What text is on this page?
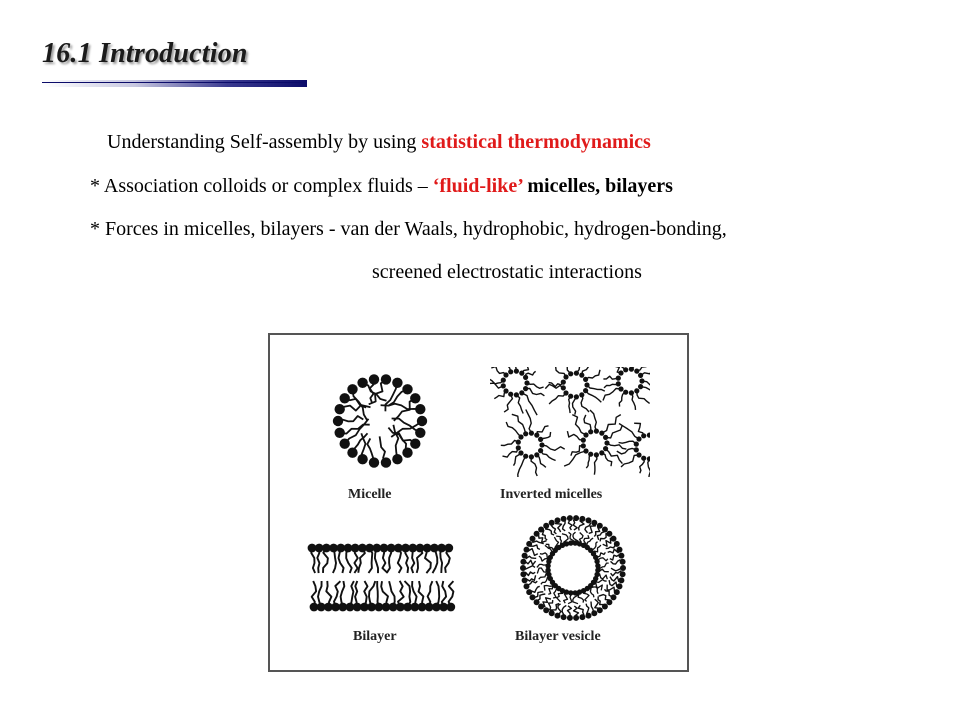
16.1 Introduction
Understanding Self-assembly by using statistical thermodynamics
* Association colloids or complex fluids – ‘fluid-like’ micelles, bilayers
* Forces in micelles, bilayers - van der Waals, hydrophobic, hydrogen-bonding,
screened electrostatic interactions
Micelle	Inverted micelles
Bilayer	Bilayer vesicle
